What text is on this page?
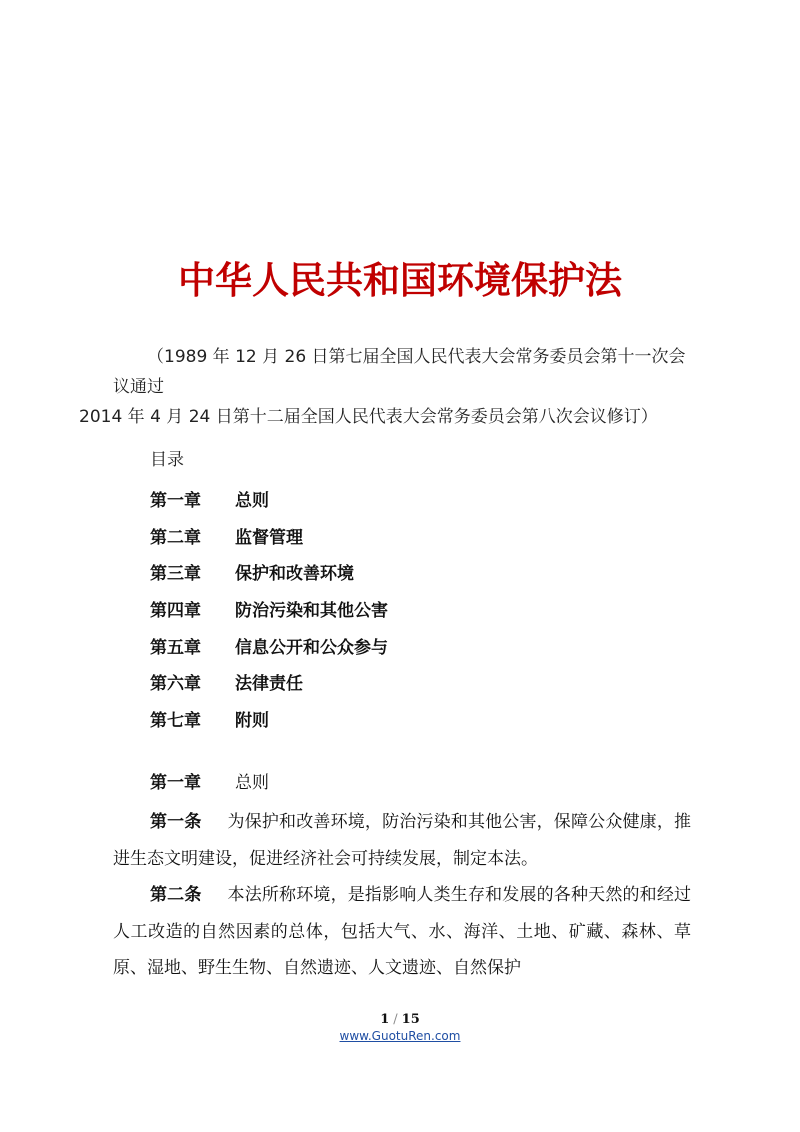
中华人民共和国环境保护法
（1989 年 12 月 26 日第七届全国人民代表大会常务委员会第十一次会议通过
2014 年 4 月 24 日第十二届全国人民代表大会常务委员会第八次会议修订）
目录
第一章	总则
第二章	监督管理
第三章	保护和改善环境
第四章	防治污染和其他公害
第五章	信息公开和公众参与
第六章	法律责任
第七章	附则
第一章 总则
第一条 为保护和改善环境，防治污染和其他公害，保障公众健康，推进生态文明建设，促进经济社会可持续发展，制定本法。
第二条 本法所称环境，是指影响人类生存和发展的各种天然的和经过人工改造的自然因素的总体，包括大气、水、海洋、土地、矿藏、森林、草原、湿地、野生生物、自然遗迹、人文遗迹、自然保护
1 / 15
www.GuotuRen.com
